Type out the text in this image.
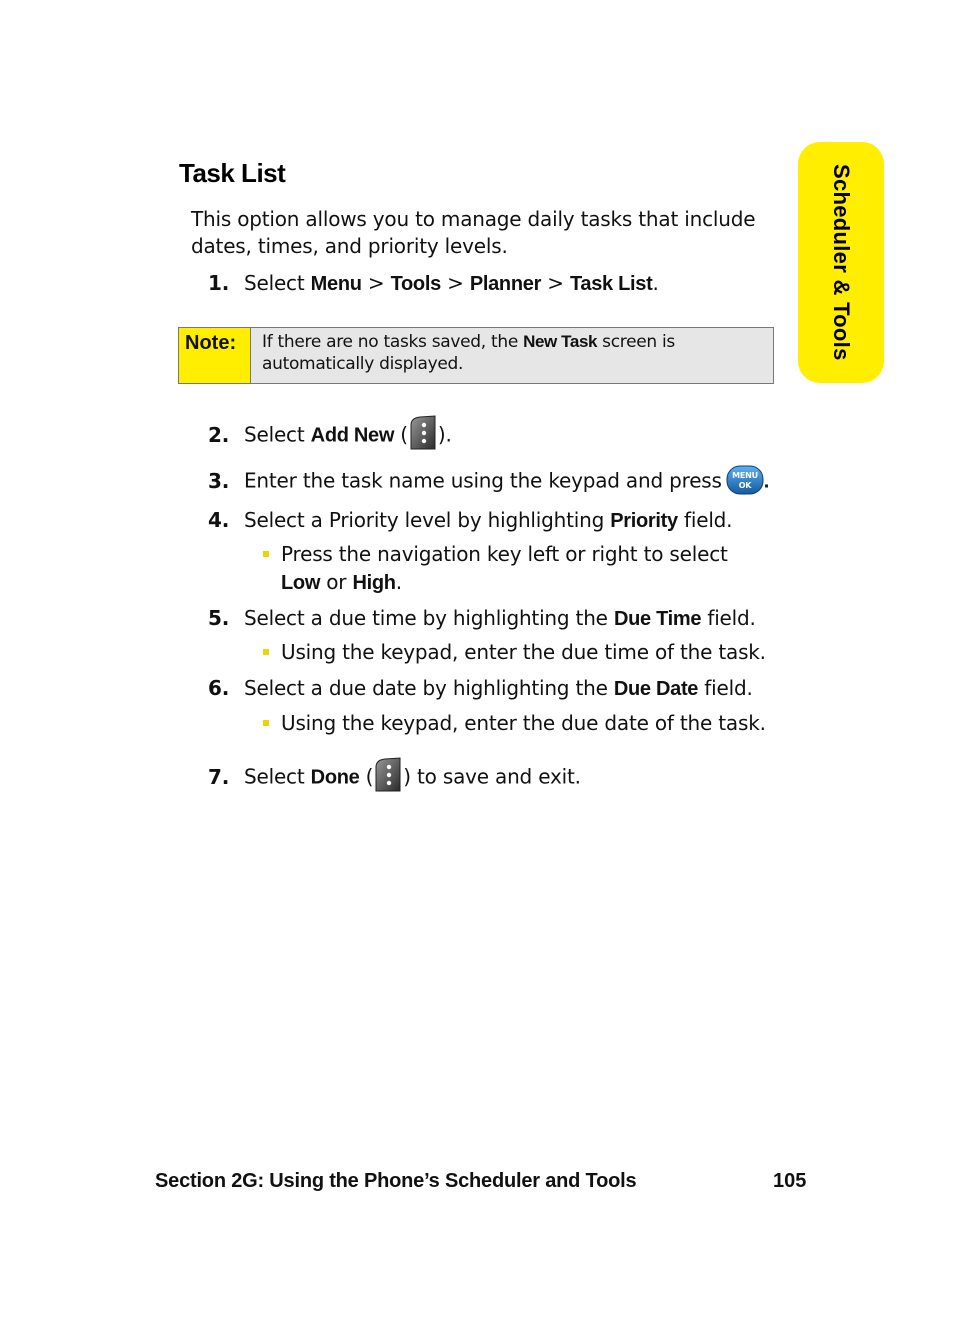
Task List	Scheduler & Tools
This option allows you to manage daily tasks that include dates, times, and priority levels.
1. Select Menu > Tools > Planner > Task List.
Note:	If there are no tasks saved, the New Task screen is
automatically displayed.
2. Select Add New ( ).
3. Enter the task name using the keypad and press MENU
OK .
4. Select a Priority level by highlighting Priority field.
Press the navigation key left or right to select Low or High.
5. Select a due time by highlighting the Due Time field.
Using the keypad, enter the due time of the task.
6. Select a due date by highlighting the Due Date field.
Using the keypad, enter the due date of the task.
7. Select Done ( ) to save and exit.
Section 2G: Using the Phone’s Scheduler and Tools	105
